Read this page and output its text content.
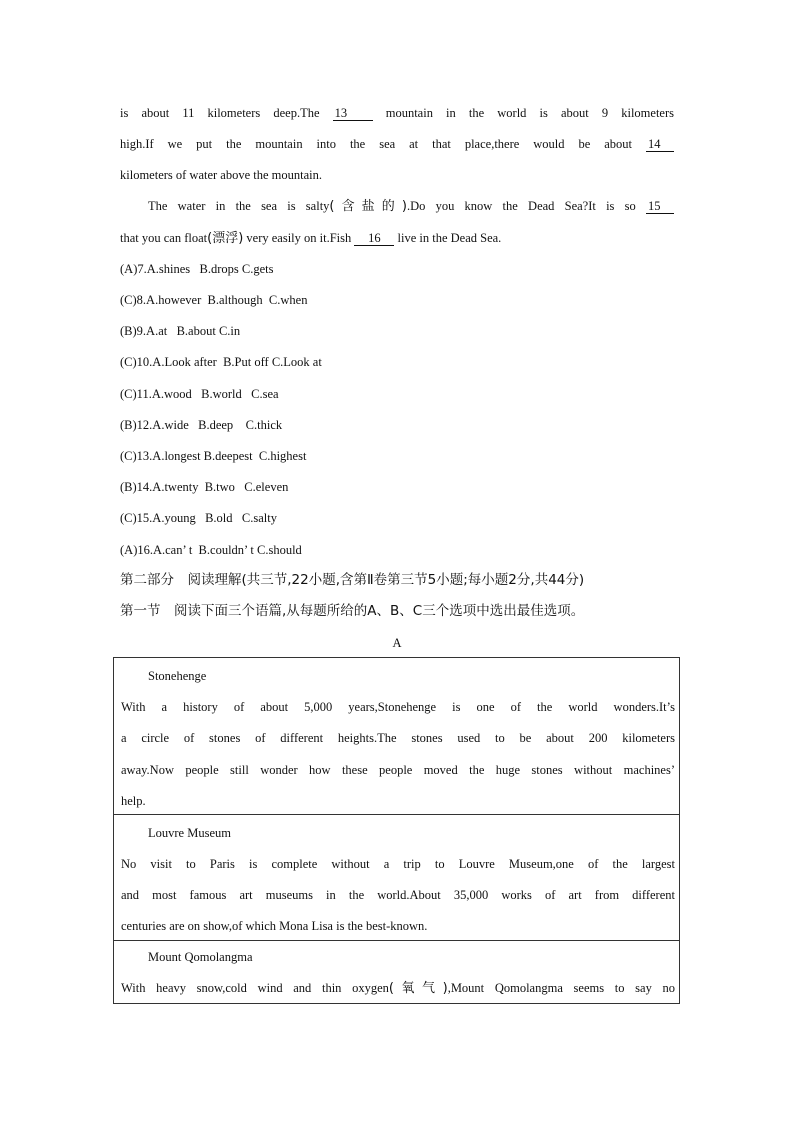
is about 11 kilometers deep.The 13 mountain in the world is about 9 kilometers
high.If we put the mountain into the sea at that place,there would be about 14
kilometers of water above the mountain.
The water in the sea is salty(含盐的).Do you know the Dead Sea?It is so 15
that you can float(漂浮) very easily on it.Fish 16 live in the Dead Sea.
(A)7.A.shines   B.drops C.gets
(C)8.A.however  B.although  C.when
(B)9.A.at   B.about C.in
(C)10.A.Look after  B.Put off C.Look at
(C)11.A.wood   B.world   C.sea
(B)12.A.wide   B.deep    C.thick
(C)13.A.longest B.deepest  C.highest
(B)14.A.twenty  B.two   C.eleven
(C)15.A.young   B.old   C.salty
(A)16.A.can’ t  B.couldn’ t C.should
第二部分　阅读理解(共三节,22小题,含第Ⅱ卷第三节5小题;每小题2分,共44分)
第一节　阅读下面三个语篇,从每题所给的A、B、C三个选项中选出最佳选项。
A
Stonehenge
With a history of about 5,000 years,Stonehenge is one of the world wonders.It’s
a circle of stones of different heights.The stones used to be about 200 kilometers
away.Now people still wonder how these people moved the huge stones without machines’
help.
Louvre Museum
No visit to Paris is complete without a trip to Louvre Museum,one of the largest
and most famous art museums in the world.About 35,000 works of art from different
centuries are on show,of which Mona Lisa is the best-known.
Mount Qomolangma
With heavy snow,cold wind and thin oxygen(氧气),Mount Qomolangma seems to say no
